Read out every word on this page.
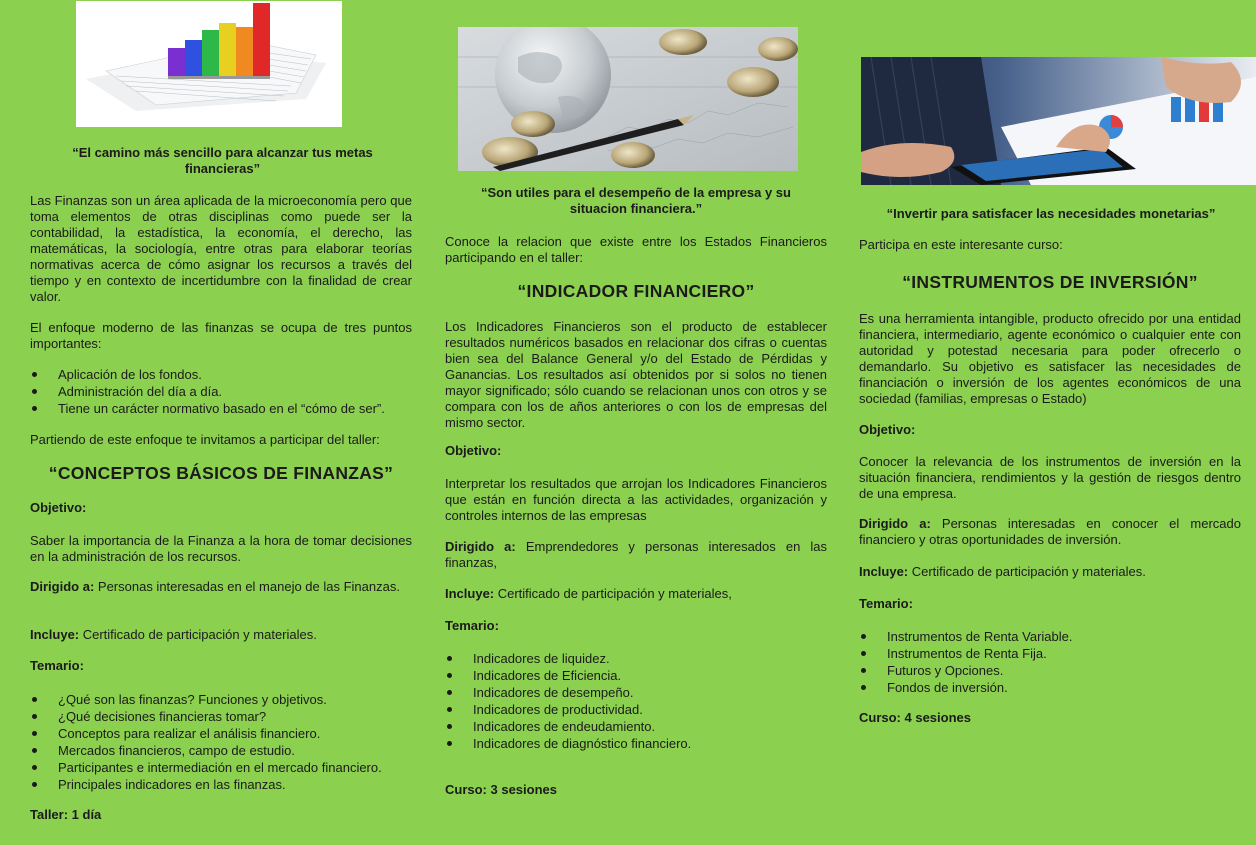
“El camino más sencillo para alcanzar tus metas financieras”
Las Finanzas son un área aplicada de la microeconomía pero que toma elementos de otras disciplinas como puede ser la contabilidad, la estadística, la economía, el derecho, las matemáticas, la sociología, entre otras para elaborar teorías normativas acerca de cómo asignar los recursos a través del tiempo y en contexto de incertidumbre con la finalidad de crear valor.
El enfoque moderno de las finanzas se ocupa de tres puntos importantes:
Aplicación de los fondos.
Administración del día a día.
Tiene un carácter normativo basado en el “cómo de ser”.
Partiendo de este enfoque te invitamos a participar del taller:
“CONCEPTOS BÁSICOS DE FINANZAS”
Objetivo:
Saber la importancia de la Finanza a la hora de tomar decisiones en la administración de los recursos.
Dirigido a: Personas interesadas en el manejo de las Finanzas.
Incluye: Certificado de participación y materiales.
Temario:
¿Qué son las finanzas? Funciones y objetivos.
¿Qué decisiones financieras tomar?
Conceptos para realizar el análisis financiero.
Mercados financieros, campo de estudio.
Participantes e intermediación en el mercado financiero.
Principales indicadores en las finanzas.
Taller: 1 día
“Son utiles para el desempeño de la empresa y su situacion financiera.”
Conoce la relacion que existe entre los Estados Financieros participando en el taller:
“INDICADOR FINANCIERO”
Los Indicadores Financieros son el producto de establecer resultados numéricos basados en relacionar dos cifras o cuentas bien sea del Balance General y/o del Estado de Pérdidas y Ganancias. Los resultados así obtenidos por si solos no tienen mayor significado; sólo cuando se relacionan unos con otros y se compara con los de años anteriores o con los de empresas del mismo sector.
Objetivo:
Interpretar los resultados que arrojan los Indicadores Financieros que están en función directa a las actividades, organización y controles internos de las empresas
Dirigido a: Emprendedores y personas interesados en las finanzas,
Incluye: Certificado de participación y materiales,
Temario:
Indicadores de liquidez.
Indicadores de Eficiencia.
Indicadores de desempeño.
Indicadores de productividad.
Indicadores de endeudamiento.
Indicadores de diagnóstico financiero.
Curso: 3 sesiones
“Invertir para satisfacer las necesidades monetarias”
Participa en este interesante curso:
“INSTRUMENTOS DE INVERSIÓN”
Es una herramienta intangible, producto ofrecido por una entidad financiera, intermediario, agente económico o cualquier ente con autoridad y potestad necesaria para poder ofrecerlo o demandarlo. Su objetivo es satisfacer las necesidades de financiación o inversión de los agentes económicos de una sociedad (familias, empresas o Estado)
Objetivo:
Conocer la relevancia de los instrumentos de inversión en la situación financiera, rendimientos y la gestión de riesgos dentro de una empresa.
Dirigido a: Personas interesadas en conocer el mercado financiero y otras oportunidades de inversión.
Incluye: Certificado de participación y materiales.
Temario:
Instrumentos de Renta Variable.
Instrumentos de Renta Fija.
Futuros y Opciones.
Fondos de inversión.
Curso: 4 sesiones
